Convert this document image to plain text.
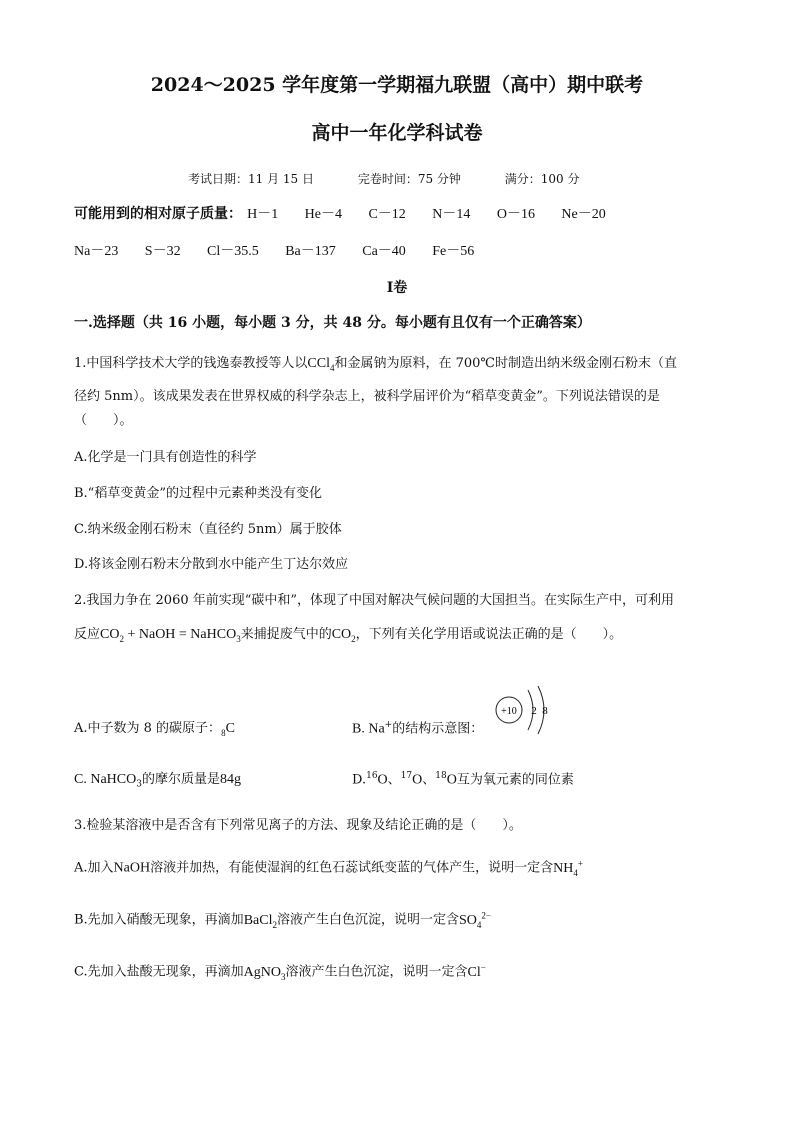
2024～2025 学年度第一学期福九联盟（高中）期中联考
高中一年化学科试卷
考试日期：11 月 15 日	完卷时间：75 分钟	满分：100 分
可能用到的相对原子质量： H－1 He－4 C－12 N－14 O－16 Ne－20
Na－23 S－32 Cl－35.5 Ba－137 Ca－40 Fe－56
Ⅰ卷
一.选择题（共 16 小题，每小题 3 分，共 48 分。每小题有且仅有一个正确答案）
1.中国科学技术大学的钱逸泰教授等人以CCl$_4$和金属钠为原料，在 700℃时制造出纳米级金刚石粉末（直
径约 5nm）。该成果发表在世界权威的科学杂志上，被科学届评价为“稻草变黄金”。下列说法错误的是
（　　）。
A.化学是一门具有创造性的科学
B.“稻草变黄金”的过程中元素种类没有变化
C.纳米级金刚石粉末（直径约 5nm）属于胶体
D.将该金刚石粉末分散到水中能产生丁达尔效应
2.我国力争在 2060 年前实现“碳中和”，体现了中国对解决气候问题的大国担当。在实际生产中，可利用
反应$CO_2$ + NaOH = NaHCO$_3$来捕捉废气中的$CO_2$，下列有关化学用语或说法正确的是（　　）。
A.中子数为 8 的碳原子：$_8$C	B. Na+的结构示意图：
+10 2 8
C. NaHCO$_3$的摩尔质量是84g	D.$^{16}$O、$^{17}$O、$^{18}$O互为氧元素的同位素
3.检验某溶液中是否含有下列常见离子的方法、现象及结论正确的是（　　）。
A.加入NaOH溶液并加热，有能使湿润的红色石蕊试纸变蓝的气体产生，说明一定含$NH_4^+$
B.先加入硝酸无现象，再滴加BaCl$_2$溶液产生白色沉淀，说明一定含$SO_4^{2-}$
C.先加入盐酸无现象，再滴加AgNO$_3$溶液产生白色沉淀，说明一定含Cl−
